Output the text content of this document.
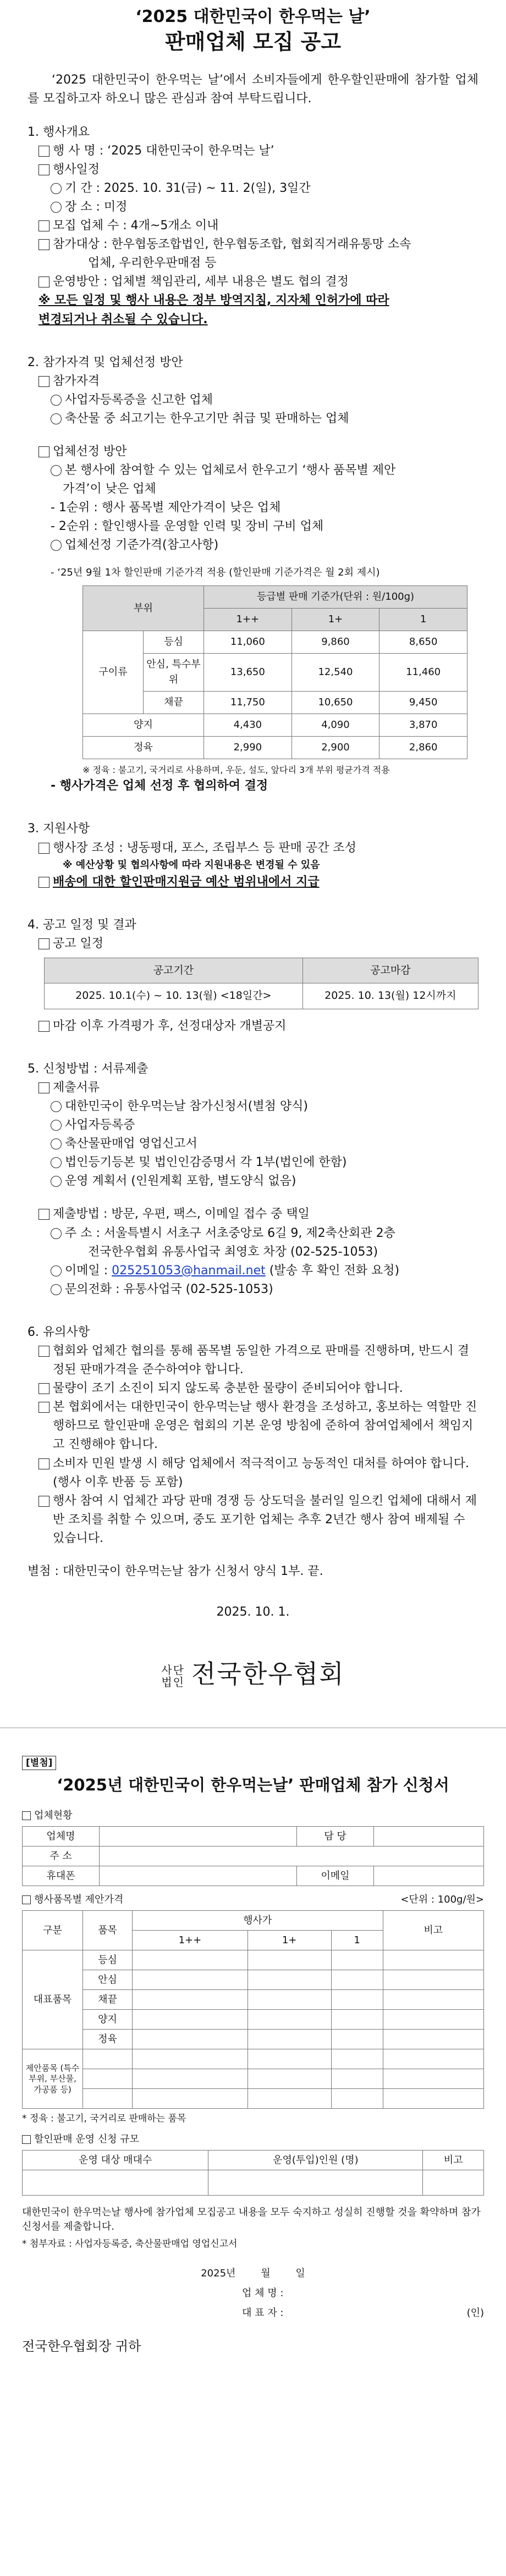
‘2025 대한민국이 한우먹는 날’
판매업체 모집 공고

‘2025 대한민국이 한우먹는 날’에서 소비자들에게 한우할인판매에 참가할 업체를 모집하고자 하오니 많은 관심과 참여 부탁드립니다.

1. 행사개요
행 사 명 : ‘2025 대한민국이 한우먹는 날’
행사일정
기 간 : 2025. 10. 31(금) ~ 11. 2(일), 3일간
장 소 : 미정
모집 업체 수 : 4개~5개소 이내
참가대상 : 한우협동조합법인, 한우협동조합, 협회직거래유통망 소속
업체, 우리한우판매점 등
운영방안 : 업체별 책임관리, 세부 내용은 별도 협의 결정
※ 모든 일정 및 행사 내용은 정부 방역지침, 지자체 인허가에 따라
변경되거나 취소될 수 있습니다.
2. 참가자격 및 업체선정 방안
참가자격
사업자등록증을 신고한 업체
축산물 중 쇠고기는 한우고기만 취급 및 판매하는 업체
업체선정 방안
본 행사에 참여할 수 있는 업체로서 한우고기 ‘행사 품목별 제안
가격’이 낮은 업체
- 1순위 : 행사 품목별 제안가격이 낮은 업체
- 2순위 : 할인행사를 운영할 인력 및 장비 구비 업체
업체선정 기준가격(참고사항)
- ‘25년 9월 1차 할인판매 기준가격 적용 (할인판매 기준가격은 월 2회 제시)
부위		등급별 판매 기준가(단위 : 원/100g)		
		1++	1+	1
구이류	등심	11,060	9,860	8,650
	안심, 특수부위	13,650	12,540	11,460
	채끝	11,750	10,650	9,450
양지		4,430	4,090	3,870
정육		2,990	2,900	2,860
※ 정육 : 불고기, 국거리로 사용하며, 우둔, 설도, 앞다리 3개 부위 평균가격 적용
- 행사가격은 업체 선정 후 협의하여 결정
3. 지원사항
행사장 조성 : 냉동평대, 포스, 조립부스 등 판매 공간 조성
※ 예산상황 및 협의사항에 따라 지원내용은 변경될 수 있음
배송에 대한 할인판매지원금 예산 범위내에서 지급
4. 공고 일정 및 결과
공고 일정
공고기간	공고마감
2025. 10.1(수) ~ 10. 13(월) <18일간>	2025. 10. 13(월) 12시까지
마감 이후 가격평가 후, 선정대상자 개별공지
5. 신청방법 : 서류제출
제출서류
대한민국이 한우먹는날 참가신청서(별첨 양식)
사업자등록증
축산물판매업 영업신고서
법인등기등본 및 법인인감증명서 각 1부(법인에 한함)
운영 계획서 (인원계획 포함, 별도양식 없음)
제출방법 : 방문, 우편, 팩스, 이메일 접수 중 택일
주 소 : 서울특별시 서초구 서초중앙로 6길 9, 제2축산회관 2층
전국한우협회 유통사업국 최영호 차장 (02-525-1053)
이메일 : 025251053@hanmail.net (발송 후 확인 전화 요청)
문의전화 : 유통사업국 (02-525-1053)
6. 유의사항
협회와 업체간 협의를 통해 품목별 동일한 가격으로 판매를 진행하며, 반드시 결정된 판매가격을 준수하여야 합니다.
물량이 조기 소진이 되지 않도록 충분한 물량이 준비되어야 합니다.
본 협회에서는 대한민국이 한우먹는날 행사 환경을 조성하고, 홍보하는 역할만 진행하므로 할인판매 운영은 협회의 기본 운영 방침에 준하여 참여업체에서 책임지고 진행해야 합니다.
소비자 민원 발생 시 해당 업체에서 적극적이고 능동적인 대처를 하여야 합니다. (행사 이후 반품 등 포함)
행사 참여 시 업체간 과당 판매 경쟁 등 상도덕을 불러일 일으킨 업체에 대해서 제반 조치를 취할 수 있으며, 중도 포기한 업체는 추후 2년간 행사 참여 배제될 수 있습니다.
별첨 : 대한민국이 한우먹는날 참가 신청서 양식 1부. 끝.
2025. 10. 1.
사단
법인 전국한우협회
[별첨]
‘2025년 대한민국이 한우먹는날’ 판매업체 참가 신청서
업체현황
업체명		담 당	
주 소			
휴대폰		이메일	
행사품목별 제안가격	<단위 : 100g/원>
구분	품목	행사가			비고
		1++	1+	1	
대표품목	등심				
	안심				
	채끝				
	양지				
	정육				
제안품목 (특수부위, 부산물, 가공품 등)					

* 정육 : 불고기, 국거리로 판매하는 품목
할인판매 운영 신청 규모
운영 대상 매대수	운영(투입)인원 (명)	비고

대한민국이 한우먹는날 행사에 참가업체 모집공고 내용을 모두 숙지하고 성실히 진행할 것을 확약하며 참가 신청서를 제출합니다.

* 첨부자료 : 사업자등록증, 축산물판매업 영업신고서
2025년        월        일
업 체 명 :
대 표 자 :	(인)
전국한우협회장 귀하
